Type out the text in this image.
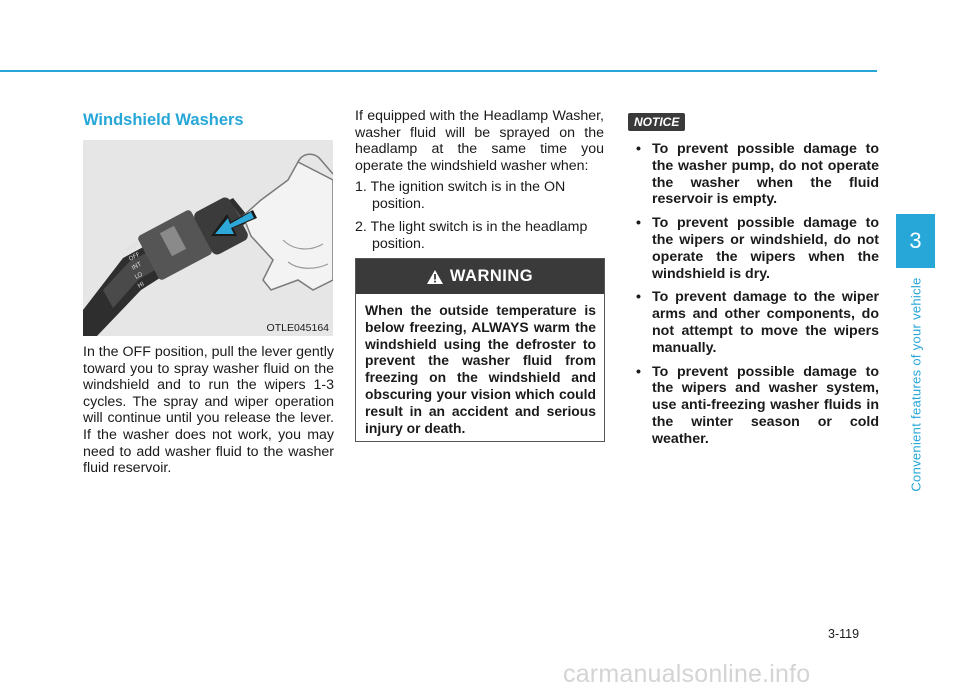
Windshield Washers
MIST
OFF
INT
LO
HI
OTLE045164

In the OFF position, pull the lever gently toward you to spray washer fluid on the windshield and to run the wipers 1-3 cycles. The spray and wiper operation will continue until you release the lever. If the washer does not work, you may need to add washer fluid to the washer fluid reservoir.

If equipped with the Headlamp Washer, washer fluid will be sprayed on the headlamp at the same time you operate the windshield washer when:

1. The ignition switch is in the ON position.
2. The light switch is in the headlamp position.
WARNING
When the outside temperature is below freezing, ALWAYS warm the windshield using the defroster to prevent the washer fluid from freezing on the windshield and obscuring your vision which could result in an accident and serious injury or death.
NOTICE
• To prevent possible damage to the washer pump, do not operate the washer when the fluid reservoir is empty.
• To prevent possible damage to the wipers or windshield, do not operate the wipers when the windshield is dry.
• To prevent damage to the wiper arms and other components, do not attempt to move the wipers manually.
• To prevent possible damage to the wipers and washer system, use anti-freezing washer fluids in the winter season or cold weather.
3
Convenient features of your vehicle
3-119
carmanualsonline.info
